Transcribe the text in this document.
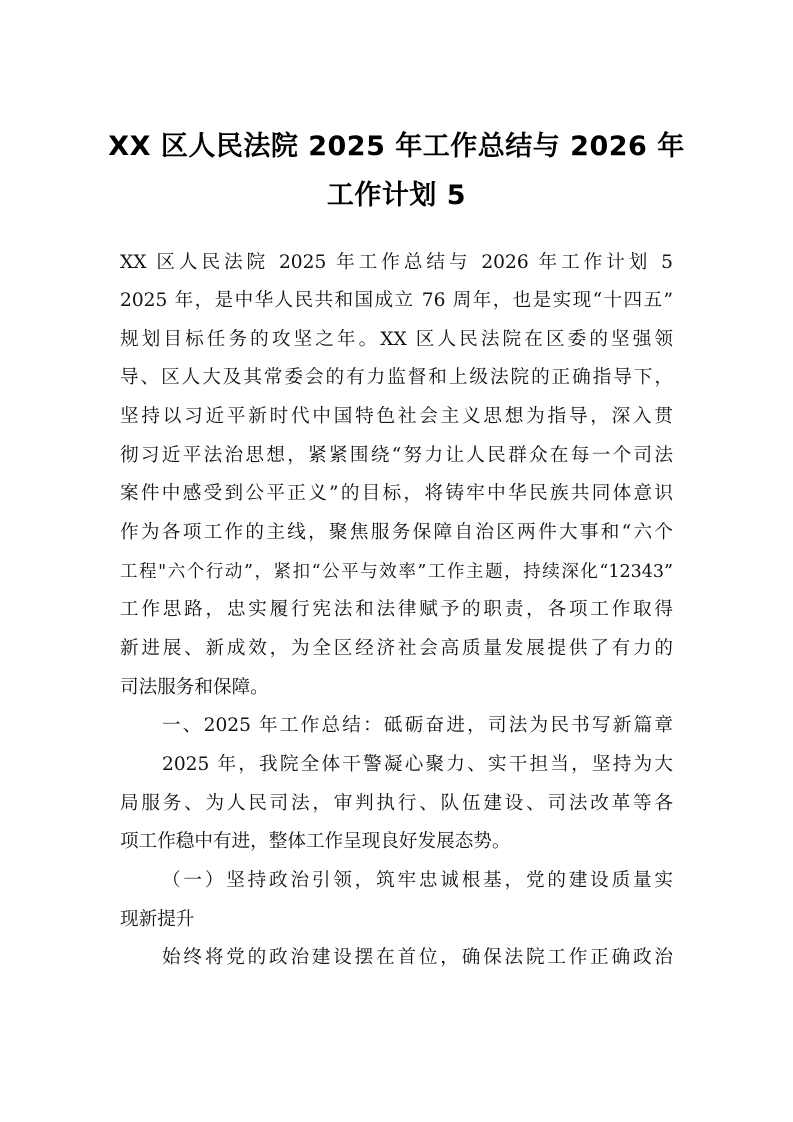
XX 区人民法院 2025 年工作总结与 2026 年
工作计划 5

XX 区人民法院 2025 年工作总结与 2026 年工作计划 5

2025 年，是中华人民共和国成立 76 周年，也是实现“十四五”

规划目标任务的攻坚之年。XX 区人民法院在区委的坚强领

导、区人大及其常委会的有力监督和上级法院的正确指导下，

坚持以习近平新时代中国特色社会主义思想为指导，深入贯

彻习近平法治思想，紧紧围绕“努力让人民群众在每一个司法

案件中感受到公平正义”的目标，将铸牢中华民族共同体意识

作为各项工作的主线，聚焦服务保障自治区两件大事和“六个

工程"六个行动”，紧扣“公平与效率”工作主题，持续深化“12343”

工作思路，忠实履行宪法和法律赋予的职责，各项工作取得

新进展、新成效，为全区经济社会高质量发展提供了有力的

司法服务和保障。

一、2025 年工作总结：砥砺奋进，司法为民书写新篇章

2025 年，我院全体干警凝心聚力、实干担当，坚持为大

局服务、为人民司法，审判执行、队伍建设、司法改革等各

项工作稳中有进，整体工作呈现良好发展态势。

（一）坚持政治引领，筑牢忠诚根基，党的建设质量实

现新提升

始终将党的政治建设摆在首位，确保法院工作正确政治
